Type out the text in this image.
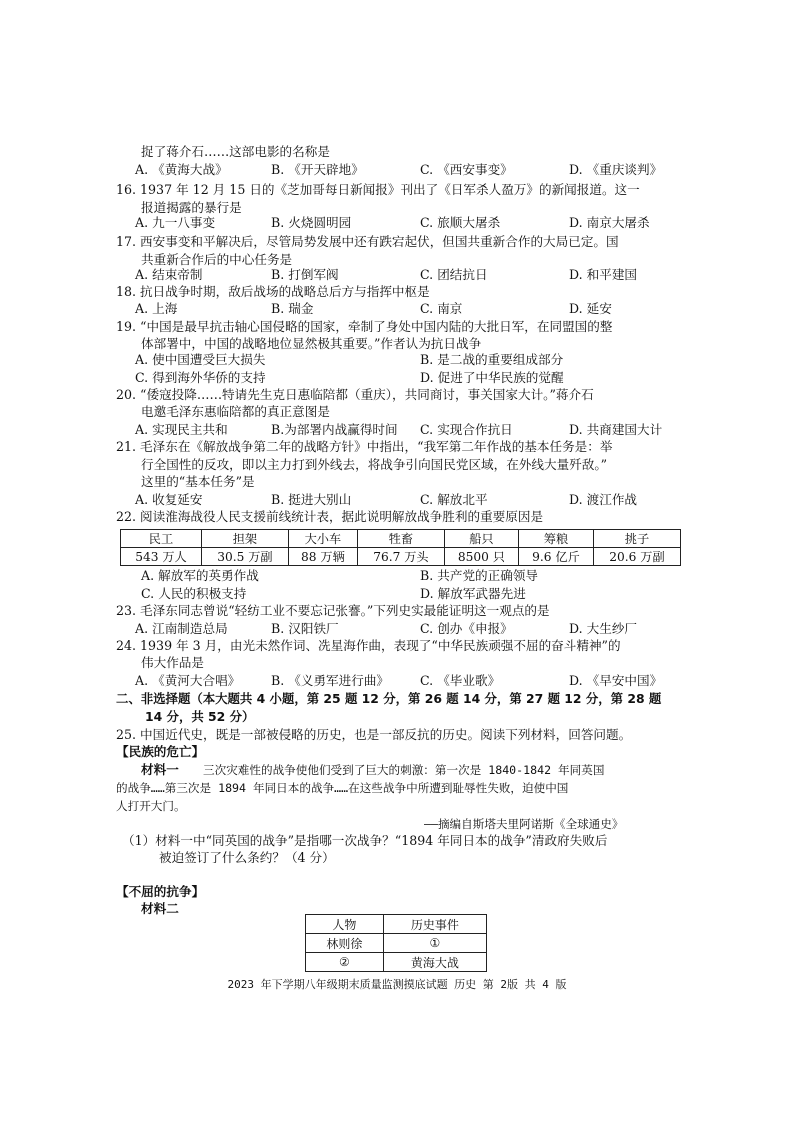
捉了蒋介石……这部电影的名称是
A. 《黄海大战》	B. 《开天辟地》	C. 《西安事变》	D. 《重庆谈判》
16. 1937 年 12 月 15 日的《芝加哥每日新闻报》刊出了《日军杀人盈万》的新闻报道。这一
报道揭露的暴行是
A. 九一八事变	B. 火烧圆明园	C. 旅顺大屠杀	D. 南京大屠杀
17. 西安事变和平解决后，尽管局势发展中还有跌宕起伏，但国共重新合作的大局已定。国
共重新合作后的中心任务是
A. 结束帝制	B. 打倒军阀	C. 团结抗日	D. 和平建国
18. 抗日战争时期，敌后战场的战略总后方与指挥中枢是
A. 上海	B. 瑞金	C. 南京	D. 延安
19. “中国是最早抗击轴心国侵略的国家，牵制了身处中国内陆的大批日军，在同盟国的整
体部署中，中国的战略地位显然极其重要。”作者认为抗日战争
A. 使中国遭受巨大损失	B. 是二战的重要组成部分
C. 得到海外华侨的支持	D. 促进了中华民族的觉醒
20. “倭寇投降……特请先生克日惠临陪都（重庆），共同商讨，事关国家大计。”蒋介石
电邀毛泽东惠临陪都的真正意图是
A. 实现民主共和	B.为部署内战赢得时间 C. 实现合作抗日	D. 共商建国大计
21. 毛泽东在《解放战争第二年的战略方针》中指出，“我军第二年作战的基本任务是：举
行全国性的反攻，即以主力打到外线去，将战争引向国民党区域，在外线大量歼敌。”
这里的“基本任务”是
A. 收复延安	B. 挺进大别山	C. 解放北平	D. 渡江作战
22. 阅读淮海战役人民支援前线统计表，据此说明解放战争胜利的重要原因是
民工	担架	大小车	牲畜	船只	筹粮	挑子
543 万人	30.5 万副	88 万辆	76.7 万头	8500 只	9.6 亿斤	20.6 万副
A. 解放军的英勇作战	B. 共产党的正确领导
C. 人民的积极支持	D. 解放军武器先进
23. 毛泽东同志曾说“轻纺工业不要忘记张謇。”下列史实最能证明这一观点的是
A. 江南制造总局	B. 汉阳铁厂	C. 创办《申报》	D. 大生纱厂
24. 1939 年 3 月，由光未然作词、冼星海作曲，表现了“中华民族顽强不屈的奋斗精神”的
伟大作品是
A. 《黄河大合唱》 B. 《义勇军进行曲》 C. 《毕业歌》	D. 《早安中国》
二、非选择题（本大题共 4 小题，第 25 题 12 分，第 26 题 14 分，第 27 题 12 分，第 28 题
14 分，共 52 分）
25. 中国近代史，既是一部被侵略的历史，也是一部反抗的历史。阅读下列材料，回答问题。
【民族的危亡】
材料一 三次灾难性的战争使他们受到了巨大的刺激：第一次是 1840-1842 年同英国
的战争……第三次是 1894 年同日本的战争……在这些战争中所遭到耻辱性失败，迫使中国
人打开大门。
——摘编自斯塔夫里阿诺斯《全球通史》
（1）材料一中“同英国的战争”是指哪一次战争？“1894 年同日本的战争”清政府失败后
被迫签订了什么条约？（4 分）
【不屈的抗争】
材料二
人物	历史事件
林则徐	①
②	黄海大战
2023 年下学期八年级期末质量监测摸底试题 历史 第 2版 共 4 版
